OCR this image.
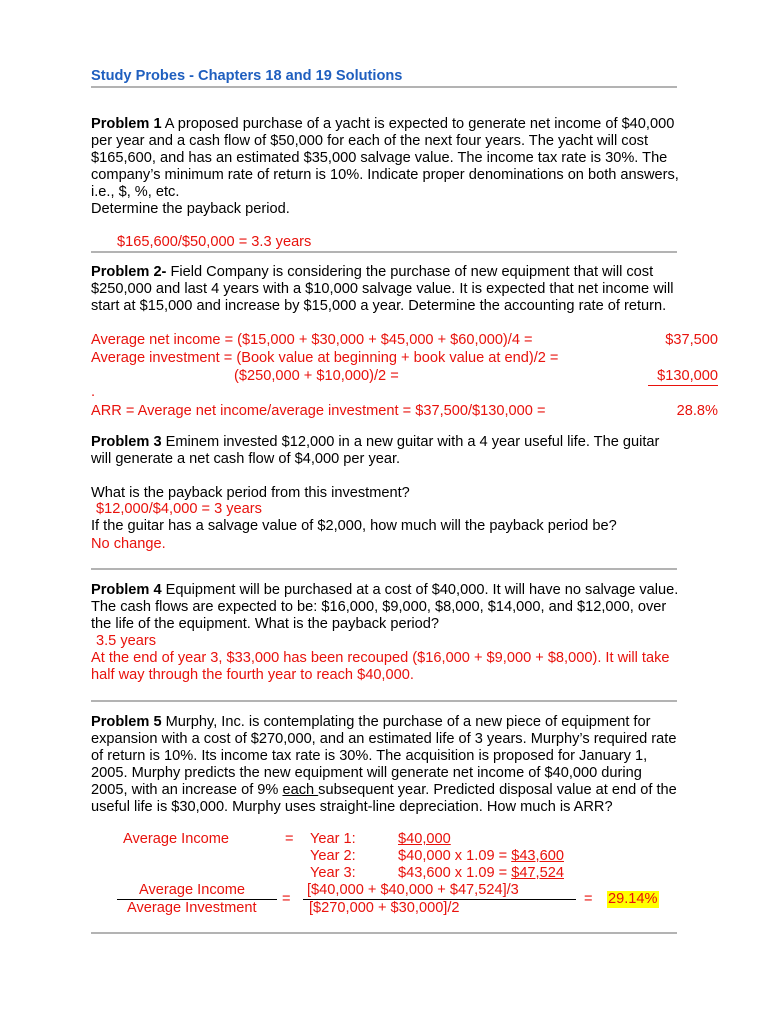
Study Probes - Chapters 18 and 19 Solutions

Problem 1 A proposed purchase of a yacht is expected to generate net income of $40,000 per year and a cash flow of $50,000 for each of the next four years. The yacht will cost $165,600, and has an estimated $35,000 salvage value. The income tax rate is 30%. The company’s minimum rate of return is 10%. Indicate proper denominations on both answers, i.e., $, %, etc.

Determine the payback period.

$165,600/$50,000 = 3.3 years

Problem 2- Field Company is considering the purchase of new equipment that will cost $250,000 and last 4 years with a $10,000 salvage value. It is expected that net income will start at $15,000 and increase by $15,000 a year. Determine the accounting rate of return.

Average net income = ($15,000 + $30,000 + $45,000 + $60,000)/4 =	$37,500
Average investment = (Book value at beginning + book value at end)/2 =
($250,000 + $10,000)/2 =	$130,000
.
ARR = Average net income/average investment = $37,500/$130,000 =	28.8%

Problem 3 Eminem invested $12,000 in a new guitar with a 4 year useful life. The guitar will generate a net cash flow of $4,000 per year.

What is the payback period from this investment?
$12,000/$4,000 = 3 years
If the guitar has a salvage value of $2,000, how much will the payback period be?
No change.

Problem 4 Equipment will be purchased at a cost of $40,000. It will have no salvage value. The cash flows are expected to be: $16,000, $9,000, $8,000, $14,000, and $12,000, over the life of the equipment. What is the payback period?

3.5 years
At the end of year 3, $33,000 has been recouped ($16,000 + $9,000 + $8,000). It will take half way through the fourth year to reach $40,000.

Problem 5 Murphy, Inc. is contemplating the purchase of a new piece of equipment for expansion with a cost of $270,000, and an estimated life of 3 years. Murphy’s required rate of return is 10%. Its income tax rate is 30%. The acquisition is proposed for January 1, 2005. Murphy predicts the new equipment will generate net income of $40,000 during 2005, with an increase of 9% each subsequent year. Predicted disposal value at end of the useful life is $30,000. Murphy uses straight-line depreciation. How much is ARR?

Average Income	= Year 1:	$40,000
Year 2:	$40,000 x 1.09 = $43,600
Year 3:	$43,600 x 1.09 = $47,524
Average Income
Average Investment
=
[$40,000 + $40,000 + $47,524]/3
[$270,000 + $30,000]/2
= 29.14%
